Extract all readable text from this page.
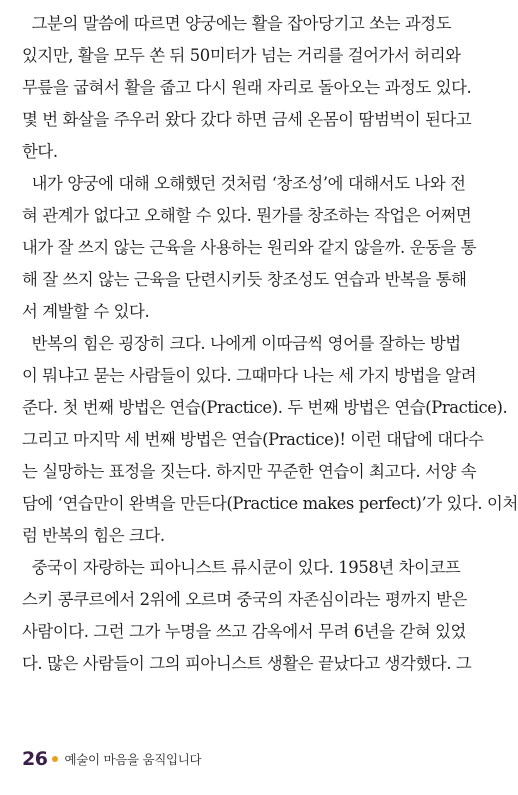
그분의 말씀에 따르면 양궁에는 활을 잡아당기고 쏘는 과정도
있지만, 활을 모두 쏜 뒤 50미터가 넘는 거리를 걸어가서 허리와
무릎을 굽혀서 활을 줍고 다시 원래 자리로 돌아오는 과정도 있다.
몇 번 화살을 주우러 왔다 갔다 하면 금세 온몸이 땀범벅이 된다고
한다.
내가 양궁에 대해 오해했던 것처럼 ‘창조성’에 대해서도 나와 전
혀 관계가 없다고 오해할 수 있다. 뭔가를 창조하는 작업은 어쩌면
내가 잘 쓰지 않는 근육을 사용하는 원리와 같지 않을까. 운동을 통
해 잘 쓰지 않는 근육을 단련시키듯 창조성도 연습과 반복을 통해
서 계발할 수 있다.
반복의 힘은 굉장히 크다. 나에게 이따금씩 영어를 잘하는 방법
이 뭐냐고 묻는 사람들이 있다. 그때마다 나는 세 가지 방법을 알려
준다. 첫 번째 방법은 연습(Practice). 두 번째 방법은 연습(Practice).
그리고 마지막 세 번째 방법은 연습(Practice)! 이런 대답에 대다수
는 실망하는 표정을 짓는다. 하지만 꾸준한 연습이 최고다. 서양 속
담에 ‘연습만이 완벽을 만든다(Practice makes perfect)’가 있다. 이처
럼 반복의 힘은 크다.
중국이 자랑하는 피아니스트 류시쿤이 있다. 1958년 차이코프
스키 콩쿠르에서 2위에 오르며 중국의 자존심이라는 평까지 받은
사람이다. 그런 그가 누명을 쓰고 감옥에서 무려 6년을 갇혀 있었
다. 많은 사람들이 그의 피아니스트 생활은 끝났다고 생각했다. 그
26 예술이 마음을 움직입니다
